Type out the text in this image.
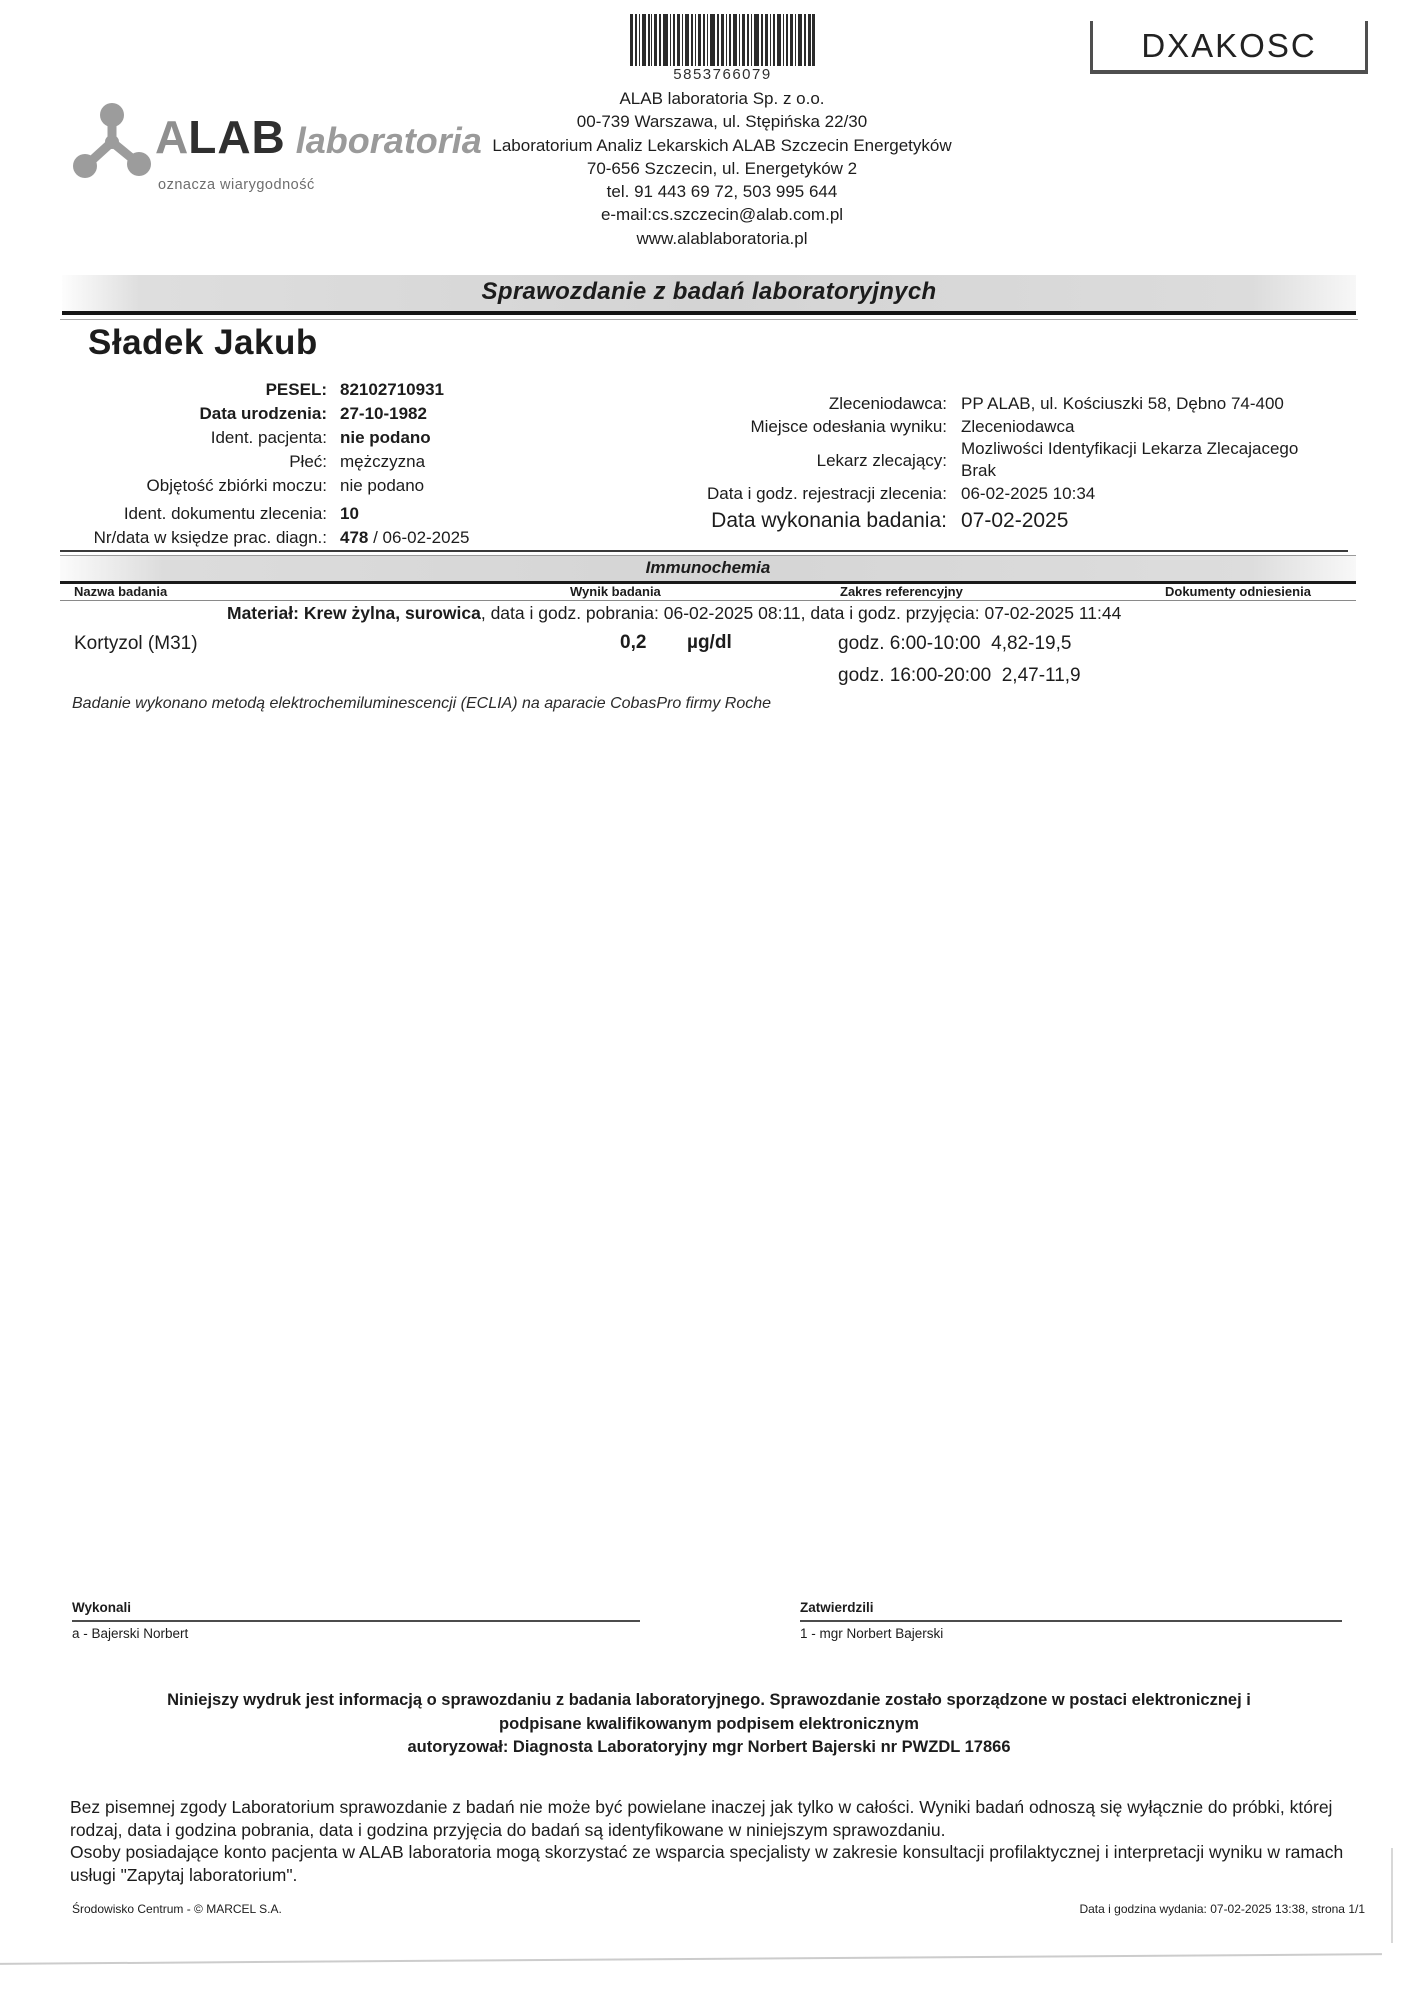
5853766079
DXAKOSC
ALAB laboratoria
oznacza wiarygodność
ALAB laboratoria Sp. z o.o.
00-739 Warszawa, ul. Stępińska 22/30
Laboratorium Analiz Lekarskich ALAB Szczecin Energetyków
70-656 Szczecin, ul. Energetyków 2
tel. 91 443 69 72, 503 995 644
e-mail:cs.szczecin@alab.com.pl
www.alablaboratoria.pl
Sprawozdanie z badań laboratoryjnych
Sładek Jakub
PESEL: 82102710931
Data urodzenia: 27-10-1982
Ident. pacjenta: nie podano
Płeć: mężczyzna
Objętość zbiórki moczu: nie podano
Ident. dokumentu zlecenia: 10
Nr/data w księdze prac. diagn.: 478 / 06-02-2025
Zleceniodawca: PP ALAB, ul. Kościuszki 58, Dębno 74-400
Miejsce odesłania wyniku: Zleceniodawca
Lekarz zlecający:
Mozliwości Identyfikacji Lekarza Zlecajacego
Brak
Data i godz. rejestracji zlecenia: 06-02-2025 10:34
Data wykonania badania: 07-02-2025
Immunochemia
Nazwa badania	Wynik badania	Zakres referencyjny	Dokumenty odniesienia
Materiał: Krew żylna, surowica, data i godz. pobrania: 06-02-2025 08:11, data i godz. przyjęcia: 07-02-2025 11:44
Kortyzol (M31)	0,2 µg/dl	godz. 6:00-10:00  4,82-19,5
godz. 16:00-20:00  2,47-11,9
Badanie wykonano metodą elektrochemiluminescencji (ECLIA) na aparacie CobasPro firmy Roche
Wykonali
a - Bajerski Norbert
Zatwierdzili
1 - mgr Norbert Bajerski
Niniejszy wydruk jest informacją o sprawozdaniu z badania laboratoryjnego. Sprawozdanie zostało sporządzone w postaci elektronicznej i
podpisane kwalifikowanym podpisem elektronicznym
autoryzował: Diagnosta Laboratoryjny mgr Norbert Bajerski nr PWZDL 17866
Bez pisemnej zgody Laboratorium sprawozdanie z badań nie może być powielane inaczej jak tylko w całości. Wyniki badań odnoszą się wyłącznie do próbki, której rodzaj, data i godzina pobrania, data i godzina przyjęcia do badań są identyfikowane w niniejszym sprawozdaniu.
Osoby posiadające konto pacjenta w ALAB laboratoria mogą skorzystać ze wsparcia specjalisty w zakresie konsultacji profilaktycznej i interpretacji wyniku w ramach usługi "Zapytaj laboratorium".
Środowisko Centrum - © MARCEL S.A.	Data i godzina wydania: 07-02-2025 13:38, strona 1/1
